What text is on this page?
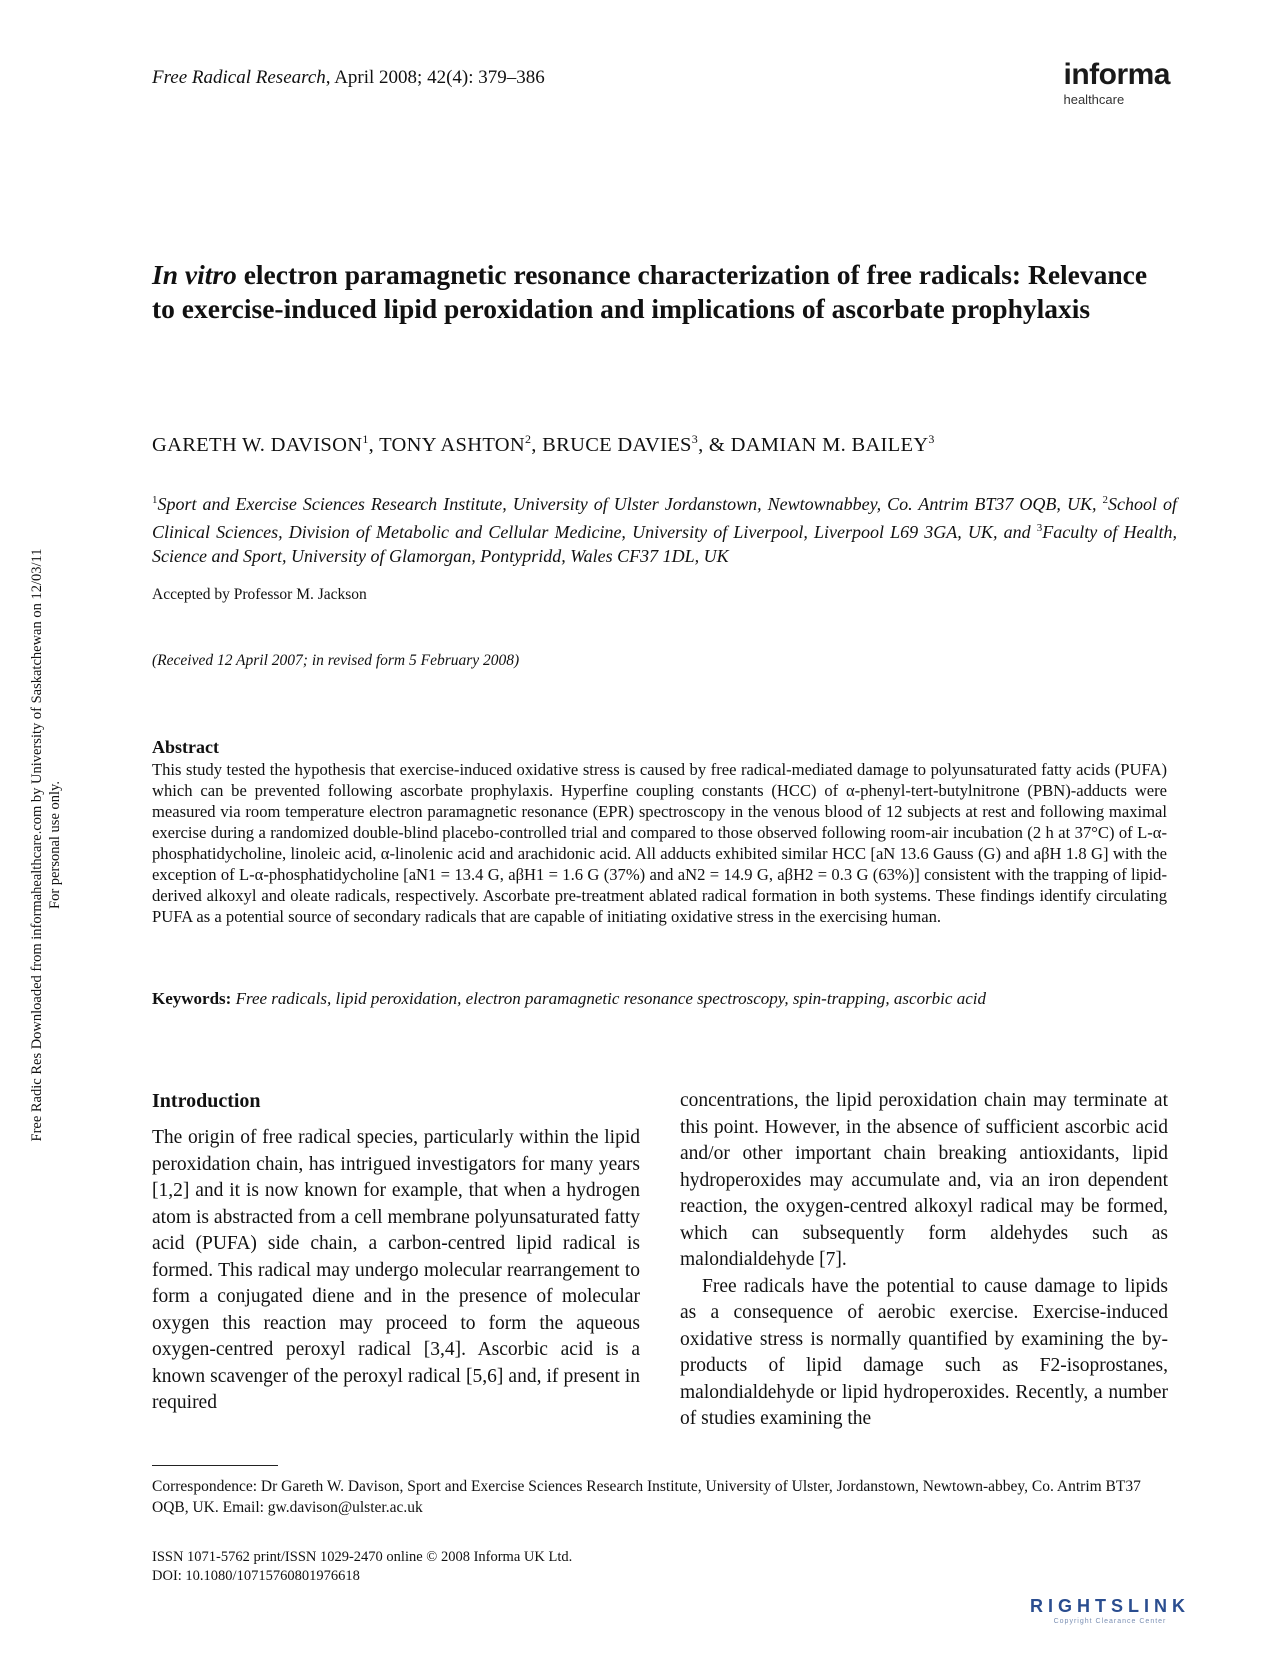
Free Radical Research, April 2008; 42(4): 379–386	informa
healthcare
In vitro electron paramagnetic resonance characterization of free radicals: Relevance to exercise-induced lipid peroxidation and implications of ascorbate prophylaxis
GARETH W. DAVISON$^1$, TONY ASHTON$^2$, BRUCE DAVIES$^3$, & DAMIAN M. BAILEY$^3$
$^1$Sport and Exercise Sciences Research Institute, University of Ulster Jordanstown, Newtownabbey, Co. Antrim BT37 OQB, UK, $^2$School of Clinical Sciences, Division of Metabolic and Cellular Medicine, University of Liverpool, Liverpool L69 3GA, UK, and $^3$Faculty of Health, Science and Sport, University of Glamorgan, Pontypridd, Wales CF37 1DL, UK
Accepted by Professor M. Jackson
(Received 12 April 2007; in revised form 5 February 2008)
Abstract
This study tested the hypothesis that exercise-induced oxidative stress is caused by free radical-mediated damage to polyunsaturated fatty acids (PUFA) which can be prevented following ascorbate prophylaxis. Hyperfine coupling constants (HCC) of α-phenyl-tert-butylnitrone (PBN)-adducts were measured via room temperature electron paramagnetic resonance (EPR) spectroscopy in the venous blood of 12 subjects at rest and following maximal exercise during a randomized double-blind placebo-controlled trial and compared to those observed following room-air incubation (2 h at 37°C) of L-α-phosphatidycholine, linoleic acid, α-linolenic acid and arachidonic acid. All adducts exhibited similar HCC [aN 13.6 Gauss (G) and aβH 1.8 G] with the exception of L-α-phosphatidycholine [aN1 = 13.4 G, aβH1 = 1.6 G (37%) and aN2 = 14.9 G, aβH2 = 0.3 G (63%)] consistent with the trapping of lipid-derived alkoxyl and oleate radicals, respectively. Ascorbate pre-treatment ablated radical formation in both systems. These findings identify circulating PUFA as a potential source of secondary radicals that are capable of initiating oxidative stress in the exercising human.
Keywords: Free radicals, lipid peroxidation, electron paramagnetic resonance spectroscopy, spin-trapping, ascorbic acid
Introduction

The origin of free radical species, particularly within the lipid peroxidation chain, has intrigued investigators for many years [1,2] and it is now known for example, that when a hydrogen atom is abstracted from a cell membrane polyunsaturated fatty acid (PUFA) side chain, a carbon-centred lipid radical is formed. This radical may undergo molecular rearrangement to form a conjugated diene and in the presence of molecular oxygen this reaction may proceed to form the aqueous oxygen-centred peroxyl radical [3,4]. Ascorbic acid is a known scavenger of the peroxyl radical [5,6] and, if present in required

concentrations, the lipid peroxidation chain may terminate at this point. However, in the absence of sufficient ascorbic acid and/or other important chain breaking antioxidants, lipid hydroperoxides may accumulate and, via an iron dependent reaction, the oxygen-centred alkoxyl radical may be formed, which can subsequently form aldehydes such as malondialdehyde [7].

Free radicals have the potential to cause damage to lipids as a consequence of aerobic exercise. Exercise-induced oxidative stress is normally quantified by examining the by-products of lipid damage such as F2-isoprostanes, malondialdehyde or lipid hydroperoxides. Recently, a number of studies examining the

Correspondence: Dr Gareth W. Davison, Sport and Exercise Sciences Research Institute, University of Ulster, Jordanstown, Newtown-abbey, Co. Antrim BT37 OQB, UK. Email: gw.davison@ulster.ac.uk
ISSN 1071-5762 print/ISSN 1029-2470 online © 2008 Informa UK Ltd.
DOI: 10.1080/10715760801976618
Free Radic Res Downloaded from informahealthcare.com by University of Saskatchewan on 12/03/11 For personal use only.
RIGHTSLINK
Copyright Clearance Center
